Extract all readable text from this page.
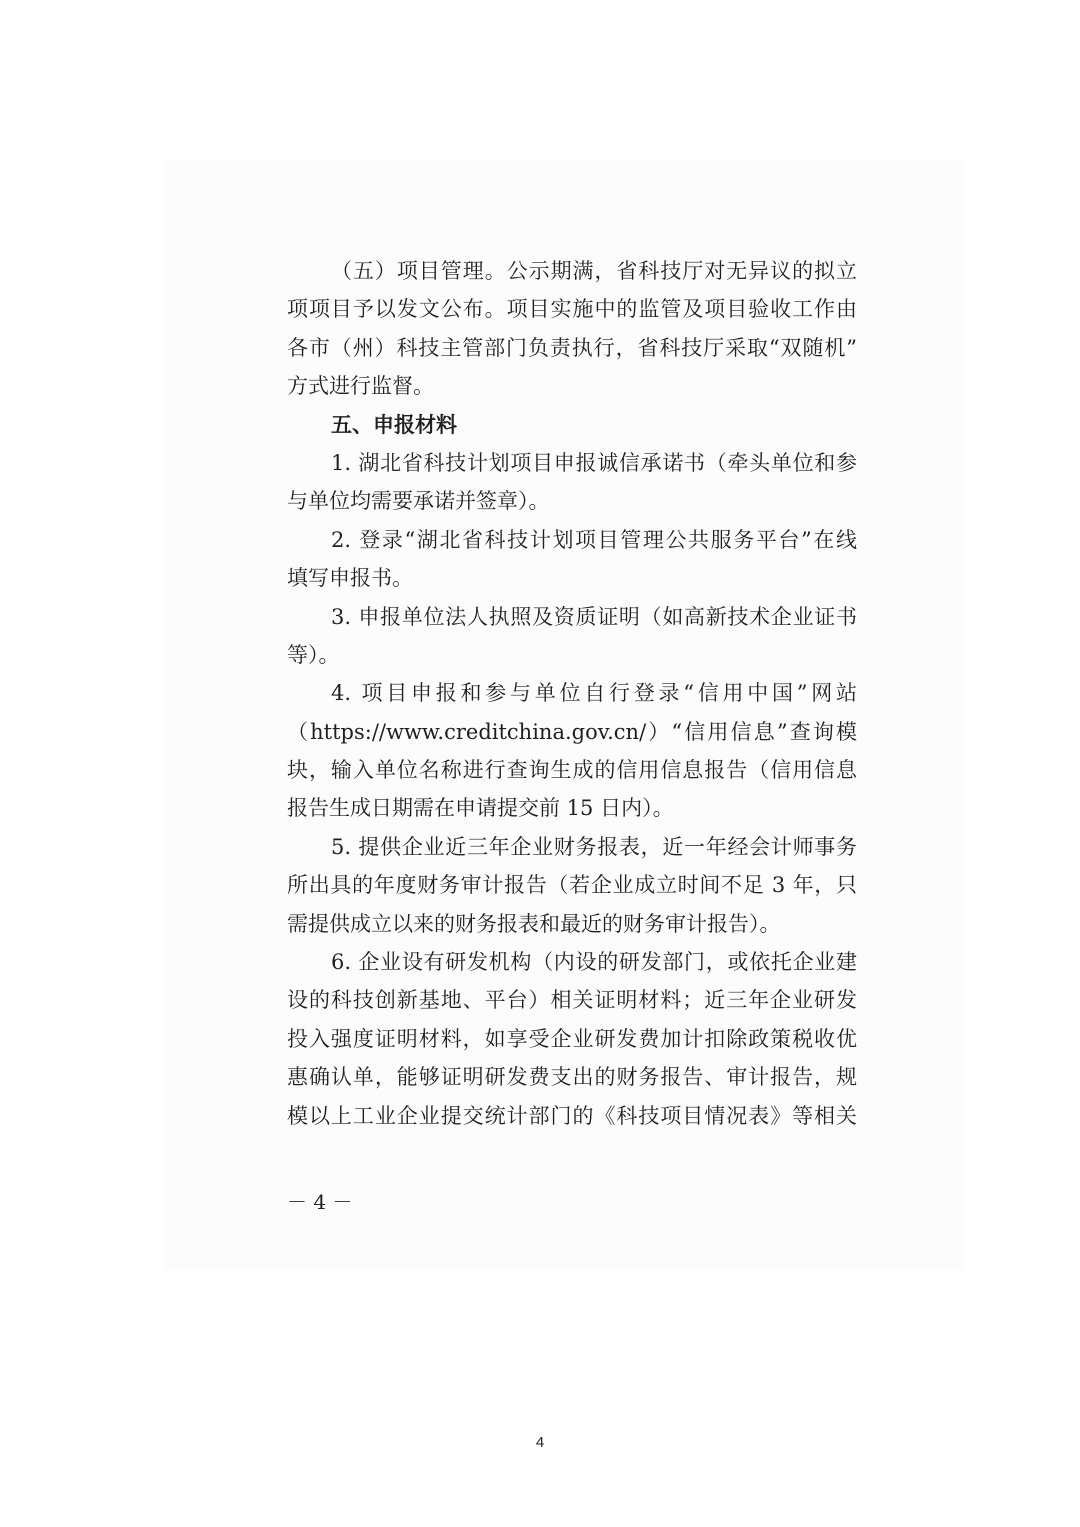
（五）项目管理。公示期满，省科技厅对无异议的拟立
项项目予以发文公布。项目实施中的监管及项目验收工作由
各市（州）科技主管部门负责执行，省科技厅采取“双随机”
方式进行监督。
五、申报材料
1. 湖北省科技计划项目申报诚信承诺书（牵头单位和参
与单位均需要承诺并签章）。
2. 登录“湖北省科技计划项目管理公共服务平台”在线
填写申报书。
3. 申报单位法人执照及资质证明（如高新技术企业证书
等）。
4. 项目申报和参与单位自行登录“信用中国”网站
（https://www.creditchina.gov.cn/）“信用信息”查询模
块，输入单位名称进行查询生成的信用信息报告（信用信息
报告生成日期需在申请提交前 15 日内）。
5. 提供企业近三年企业财务报表，近一年经会计师事务
所出具的年度财务审计报告（若企业成立时间不足 3 年，只
需提供成立以来的财务报表和最近的财务审计报告）。
6. 企业设有研发机构（内设的研发部门，或依托企业建
设的科技创新基地、平台）相关证明材料；近三年企业研发
投入强度证明材料，如享受企业研发费加计扣除政策税收优
惠确认单，能够证明研发费支出的财务报告、审计报告，规
模以上工业企业提交统计部门的《科技项目情况表》等相关
－ 4 －
4
